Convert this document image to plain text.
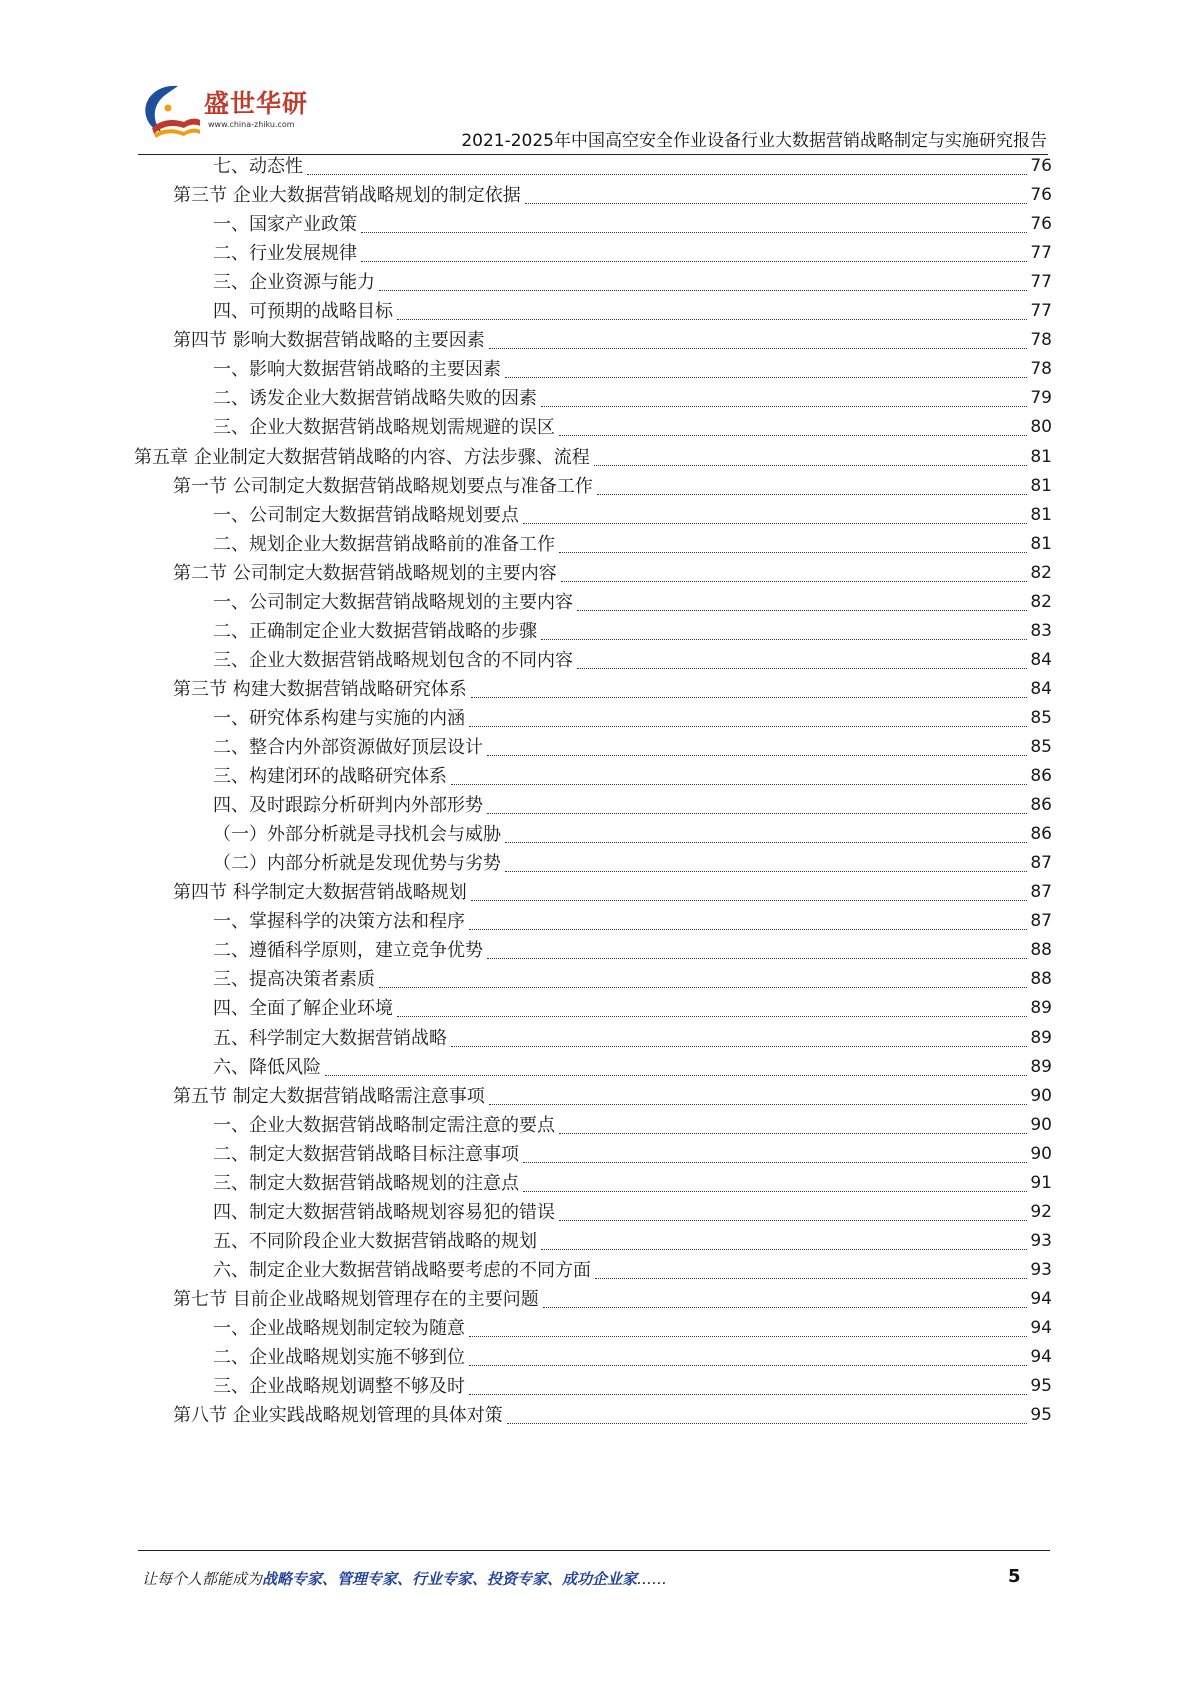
盛世华研
www.china-zhiku.com
2021-2025年中国高空安全作业设备行业大数据营销战略制定与实施研究报告
七、动态性	76
第三节 企业大数据营销战略规划的制定依据	76
一、国家产业政策	76
二、行业发展规律	77
三、企业资源与能力	77
四、可预期的战略目标	77
第四节 影响大数据营销战略的主要因素	78
一、影响大数据营销战略的主要因素	78
二、诱发企业大数据营销战略失败的因素	79
三、企业大数据营销战略规划需规避的误区	80
第五章 企业制定大数据营销战略的内容、方法步骤、流程	81
第一节 公司制定大数据营销战略规划要点与准备工作	81
一、公司制定大数据营销战略规划要点	81
二、规划企业大数据营销战略前的准备工作	81
第二节 公司制定大数据营销战略规划的主要内容	82
一、公司制定大数据营销战略规划的主要内容	82
二、正确制定企业大数据营销战略的步骤	83
三、企业大数据营销战略规划包含的不同内容	84
第三节 构建大数据营销战略研究体系	84
一、研究体系构建与实施的内涵	85
二、整合内外部资源做好顶层设计	85
三、构建闭环的战略研究体系	86
四、及时跟踪分析研判内外部形势	86
（一）外部分析就是寻找机会与威胁	86
（二）内部分析就是发现优势与劣势	87
第四节 科学制定大数据营销战略规划	87
一、掌握科学的决策方法和程序	87
二、遵循科学原则，建立竞争优势	88
三、提高决策者素质	88
四、全面了解企业环境	89
五、科学制定大数据营销战略	89
六、降低风险	89
第五节 制定大数据营销战略需注意事项	90
一、企业大数据营销战略制定需注意的要点	90
二、制定大数据营销战略目标注意事项	90
三、制定大数据营销战略规划的注意点	91
四、制定大数据营销战略规划容易犯的错误	92
五、不同阶段企业大数据营销战略的规划	93
六、制定企业大数据营销战略要考虑的不同方面	93
第七节 目前企业战略规划管理存在的主要问题	94
一、企业战略规划制定较为随意	94
二、企业战略规划实施不够到位	94
三、企业战略规划调整不够及时	95
第八节 企业实践战略规划管理的具体对策	95
让每个人都能成为战略专家、管理专家、行业专家、投资专家、成功企业家……	5
